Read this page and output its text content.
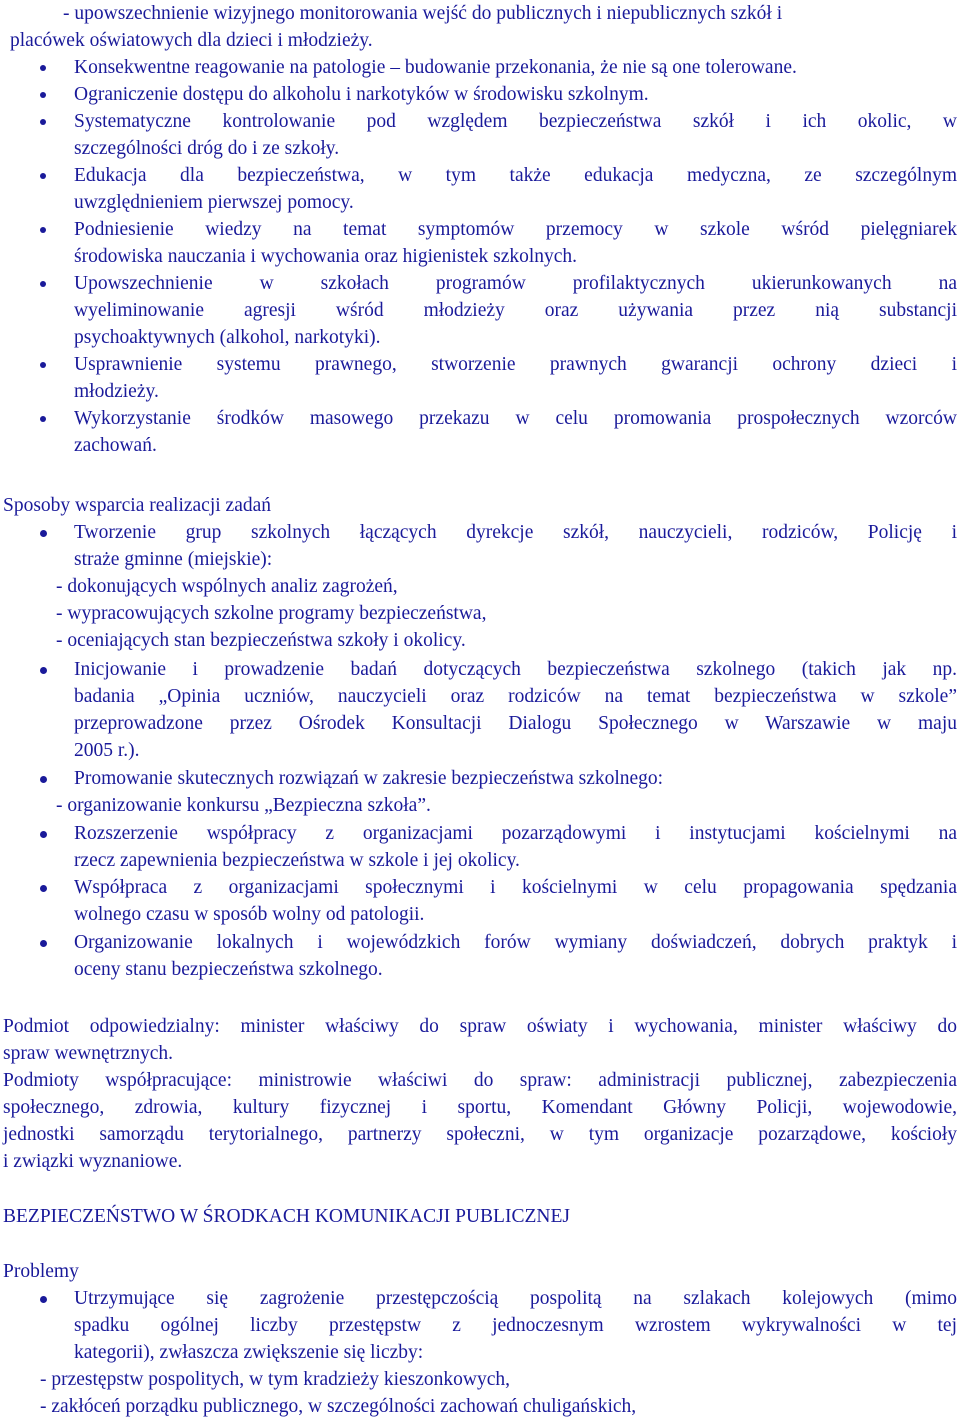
- upowszechnienie wizyjnego monitorowania wejść do publicznych i niepublicznych szkół i
placówek oświatowych dla dzieci i młodzieży.
Konsekwentne reagowanie na patologie – budowanie przekonania, że nie są one tolerowane.
Ograniczenie dostępu do alkoholu i narkotyków w środowisku szkolnym.
Systematyczne kontrolowanie pod względem bezpieczeństwa szkół i ich okolic, w
szczególności dróg do i ze szkoły.
Edukacja dla bezpieczeństwa, w tym także edukacja medyczna, ze szczególnym
uwzględnieniem pierwszej pomocy.
Podniesienie wiedzy na temat symptomów przemocy w szkole wśród pielęgniarek
środowiska nauczania i wychowania oraz higienistek szkolnych.
Upowszechnienie w szkołach programów profilaktycznych ukierunkowanych na
wyeliminowanie agresji wśród młodzieży oraz używania przez nią substancji
psychoaktywnych (alkohol, narkotyki).
Usprawnienie systemu prawnego, stworzenie prawnych gwarancji ochrony dzieci i
młodzieży.
Wykorzystanie środków masowego przekazu w celu promowania prospołecznych wzorców
zachowań.
Sposoby wsparcia realizacji zadań
Tworzenie grup szkolnych łączących dyrekcje szkół, nauczycieli, rodziców, Policję i
straże gminne (miejskie):
- dokonujących wspólnych analiz zagrożeń,
- wypracowujących szkolne programy bezpieczeństwa,
- oceniających stan bezpieczeństwa szkoły i okolicy.
Inicjowanie i prowadzenie badań dotyczących bezpieczeństwa szkolnego (takich jak np.
badania „Opinia uczniów, nauczycieli oraz rodziców na temat bezpieczeństwa w szkole”
przeprowadzone przez Ośrodek Konsultacji Dialogu Społecznego w Warszawie w maju
2005 r.).
Promowanie skutecznych rozwiązań w zakresie bezpieczeństwa szkolnego:
- organizowanie konkursu „Bezpieczna szkoła”.
Rozszerzenie współpracy z organizacjami pozarządowymi i instytucjami kościelnymi na
rzecz zapewnienia bezpieczeństwa w szkole i jej okolicy.
Współpraca z organizacjami społecznymi i kościelnymi w celu propagowania spędzania
wolnego czasu w sposób wolny od patologii.
Organizowanie lokalnych i wojewódzkich forów wymiany doświadczeń, dobrych praktyk i
oceny stanu bezpieczeństwa szkolnego.
Podmiot odpowiedzialny: minister właściwy do spraw oświaty i wychowania, minister właściwy do
spraw wewnętrznych.
Podmioty współpracujące: ministrowie właściwi do spraw: administracji publicznej, zabezpieczenia
społecznego, zdrowia, kultury fizycznej i sportu, Komendant Główny Policji, wojewodowie,
jednostki samorządu terytorialnego, partnerzy społeczni, w tym organizacje pozarządowe, kościoły
i związki wyznaniowe.
BEZPIECZEŃSTWO W ŚRODKACH KOMUNIKACJI PUBLICZNEJ
Problemy
Utrzymujące się zagrożenie przestępczością pospolitą na szlakach kolejowych (mimo
spadku ogólnej liczby przestępstw z jednoczesnym wzrostem wykrywalności w tej
kategorii), zwłaszcza zwiększenie się liczby:
- przestępstw pospolitych, w tym kradzieży kieszonkowych,
- zakłóceń porządku publicznego, w szczególności zachowań chuligańskich,
